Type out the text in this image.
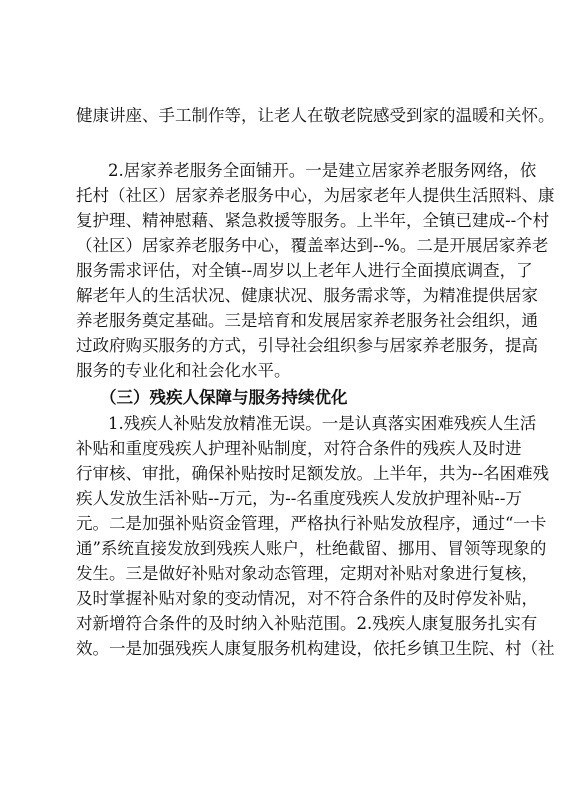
健康讲座、手工制作等，让老人在敬老院感受到家的温暖和关怀。
2.居家养老服务全面铺开。一是建立居家养老服务网络，依
托村（社区）居家养老服务中心，为居家老年人提供生活照料、康
复护理、精神慰藉、紧急救援等服务。上半年，全镇已建成--个村
（社区）居家养老服务中心，覆盖率达到--%。二是开展居家养老
服务需求评估，对全镇--周岁以上老年人进行全面摸底调查，了
解老年人的生活状况、健康状况、服务需求等，为精准提供居家
养老服务奠定基础。三是培育和发展居家养老服务社会组织，通
过政府购买服务的方式，引导社会组织参与居家养老服务，提高
服务的专业化和社会化水平。
（三）残疾人保障与服务持续优化
1.残疾人补贴发放精准无误。一是认真落实困难残疾人生活
补贴和重度残疾人护理补贴制度，对符合条件的残疾人及时进
行审核、审批，确保补贴按时足额发放。上半年，共为--名困难残
疾人发放生活补贴--万元，为--名重度残疾人发放护理补贴--万
元。二是加强补贴资金管理，严格执行补贴发放程序，通过“一卡
通”系统直接发放到残疾人账户，杜绝截留、挪用、冒领等现象的
发生。三是做好补贴对象动态管理，定期对补贴对象进行复核，
及时掌握补贴对象的变动情况，对不符合条件的及时停发补贴，
对新增符合条件的及时纳入补贴范围。2.残疾人康复服务扎实有
效。一是加强残疾人康复服务机构建设，依托乡镇卫生院、村（社
